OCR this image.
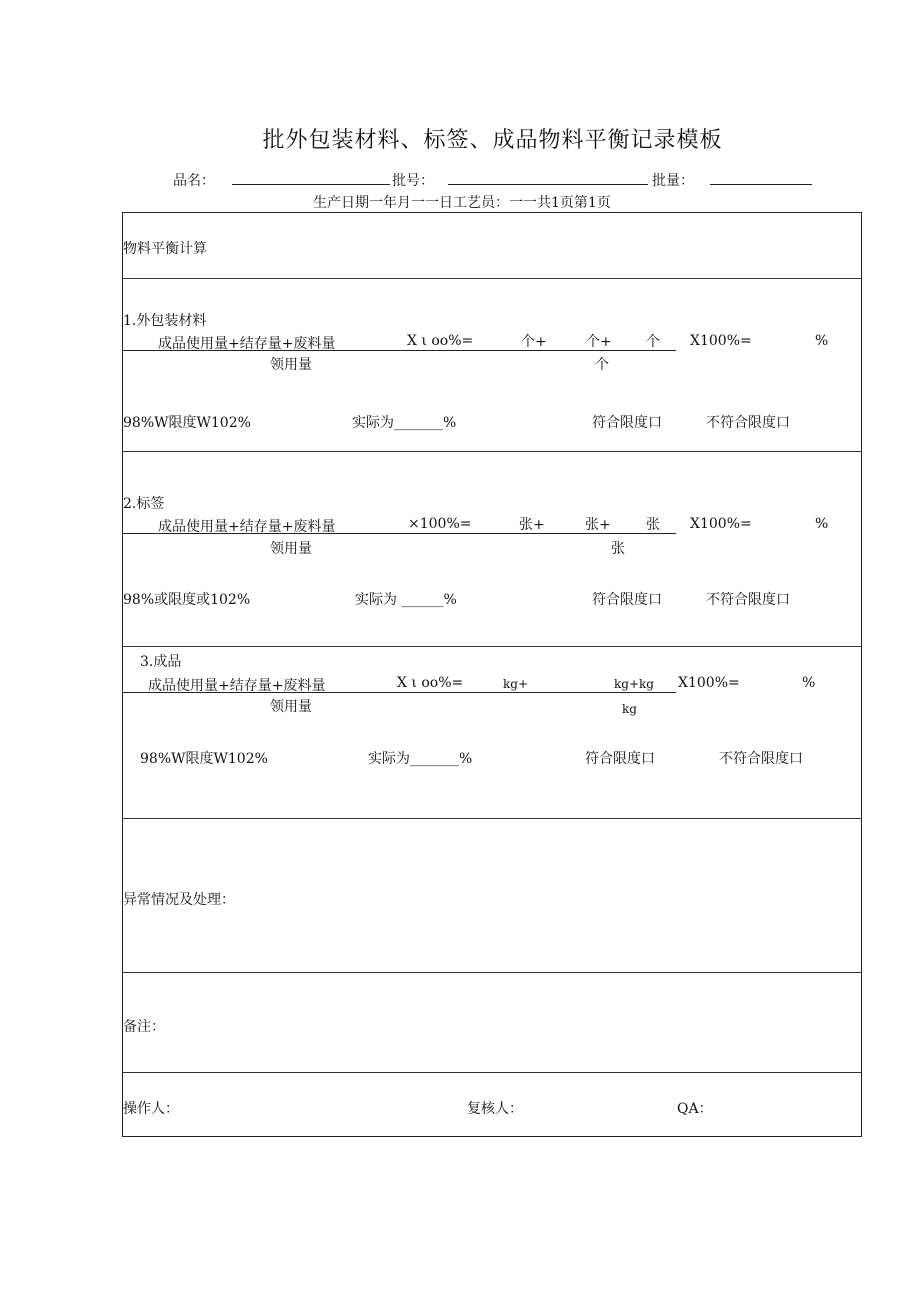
批外包装材料、标签、成品物料平衡记录模板
品名：	批号：	批量：
生产日期一年月一一日工艺员：一一共1页第1页
物料平衡计算
1.外包装材料
成品使用量+结存量+废料量	X ι oo%=	个+	个+ 个 X100%=	%
领用量	个
98%W限度W102%	实际为_______%	符合限度口	不符合限度口
2.标签
成品使用量+结存量+废料量	×100%=	张+	张+	张 X100%=	%
领用量	张
98%或限度或102%	实际为 ______%	符合限度口	不符合限度口
3.成品
成品使用量+结存量+废料量	X ι oo%=	kg+	kg+kg X100%=	%
领用量	kg
98%W限度W102%	实际为_______%	符合限度口	不符合限度口
异常情况及处理：
备注：
操作人：	复核人：	QA：
